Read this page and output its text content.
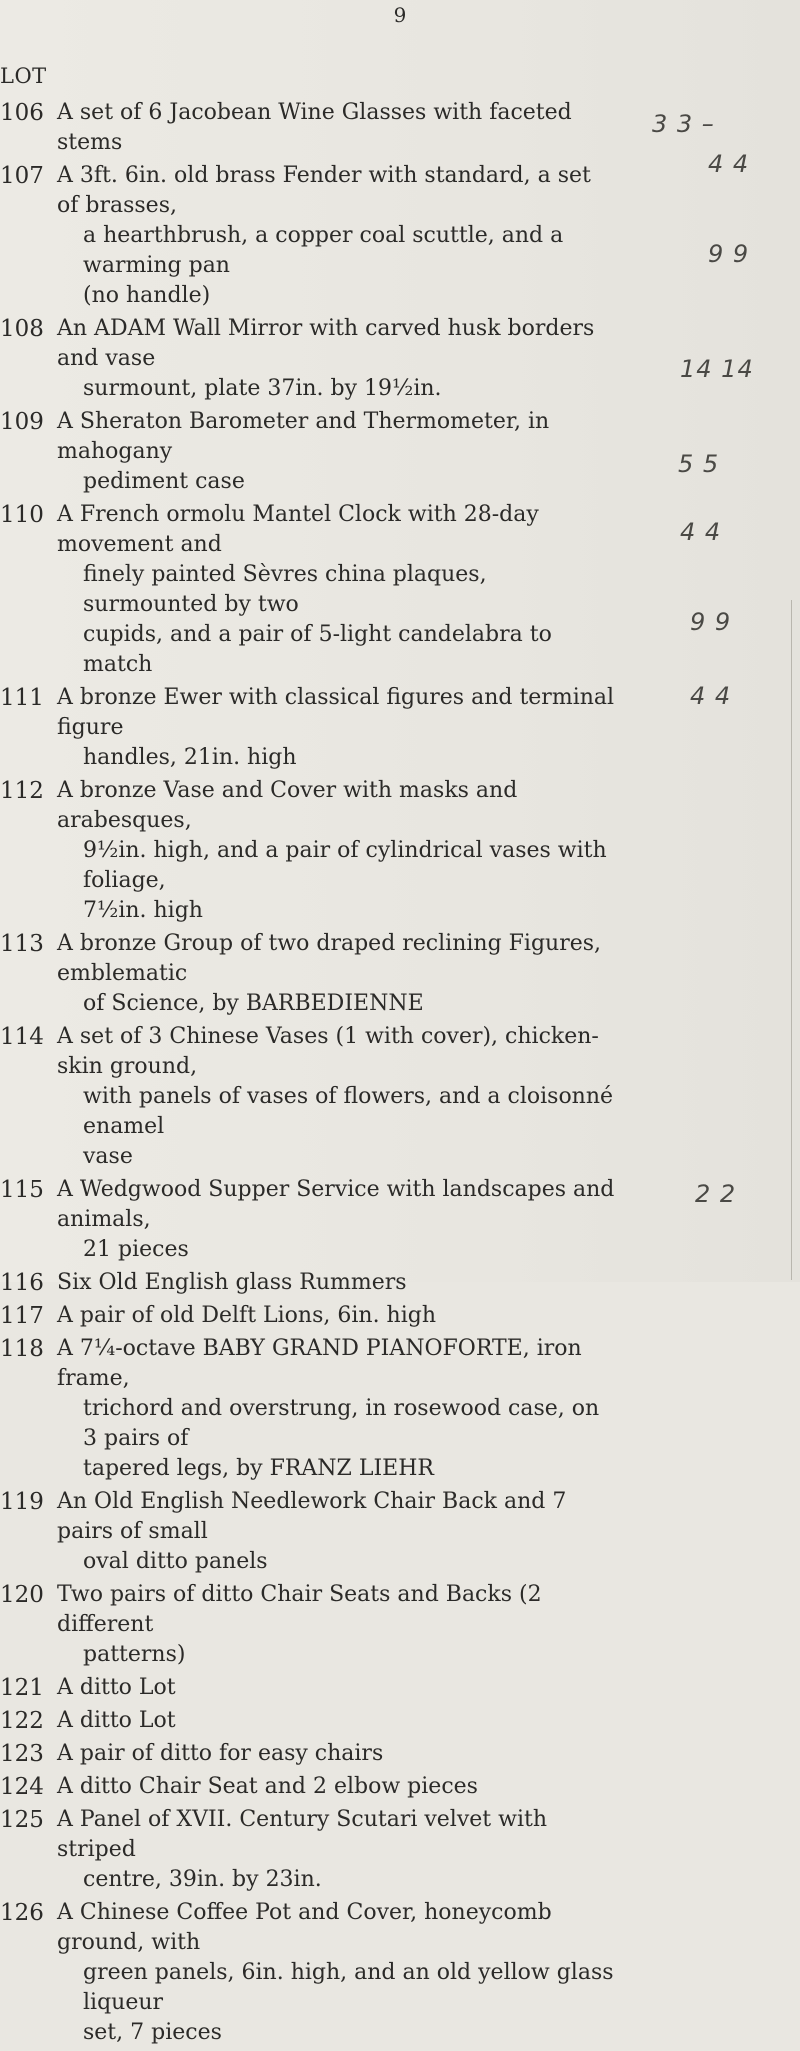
9
LOT
106 A set of 6 Jacobean Wine Glasses with faceted stems
107 A 3ft. 6in. old brass Fender with standard, a set of brasses,
a hearthbrush, a copper coal scuttle, and a warming pan
(no handle)
108 An ADAM Wall Mirror with carved husk borders and vase
surmount, plate 37in. by 19½in.
109 A Sheraton Barometer and Thermometer, in mahogany
pediment case
110 A French ormolu Mantel Clock with 28-day movement and
finely painted Sèvres china plaques, surmounted by two
cupids, and a pair of 5-light candelabra to match
111 A bronze Ewer with classical figures and terminal figure
handles, 21in. high
112 A bronze Vase and Cover with masks and arabesques,
9½in. high, and a pair of cylindrical vases with foliage,
7½in. high
113 A bronze Group of two draped reclining Figures, emblematic
of Science, by BARBEDIENNE
114 A set of 3 Chinese Vases (1 with cover), chicken-skin ground,
with panels of vases of flowers, and a cloisonné enamel
vase
115 A Wedgwood Supper Service with landscapes and animals,
21 pieces
116 Six Old English glass Rummers
117 A pair of old Delft Lions, 6in. high
118 A 7¼-octave BABY GRAND PIANOFORTE, iron frame,
trichord and overstrung, in rosewood case, on 3 pairs of
tapered legs, by FRANZ LIEHR
119 An Old English Needlework Chair Back and 7 pairs of small
oval ditto panels
120 Two pairs of ditto Chair Seats and Backs (2 different
patterns)
121 A ditto Lot
122 A ditto Lot
123 A pair of ditto for easy chairs
124 A ditto Chair Seat and 2 elbow pieces
125 A Panel of XVII. Century Scutari velvet with striped
centre, 39in. by 23in.
126 A Chinese Coffee Pot and Cover, honeycomb ground, with
green panels, 6in. high, and an old yellow glass liqueur
set, 7 pieces
3 3 –
4 4
9 9
14 14
5 5
4 4
9 9
4 4
2 2
